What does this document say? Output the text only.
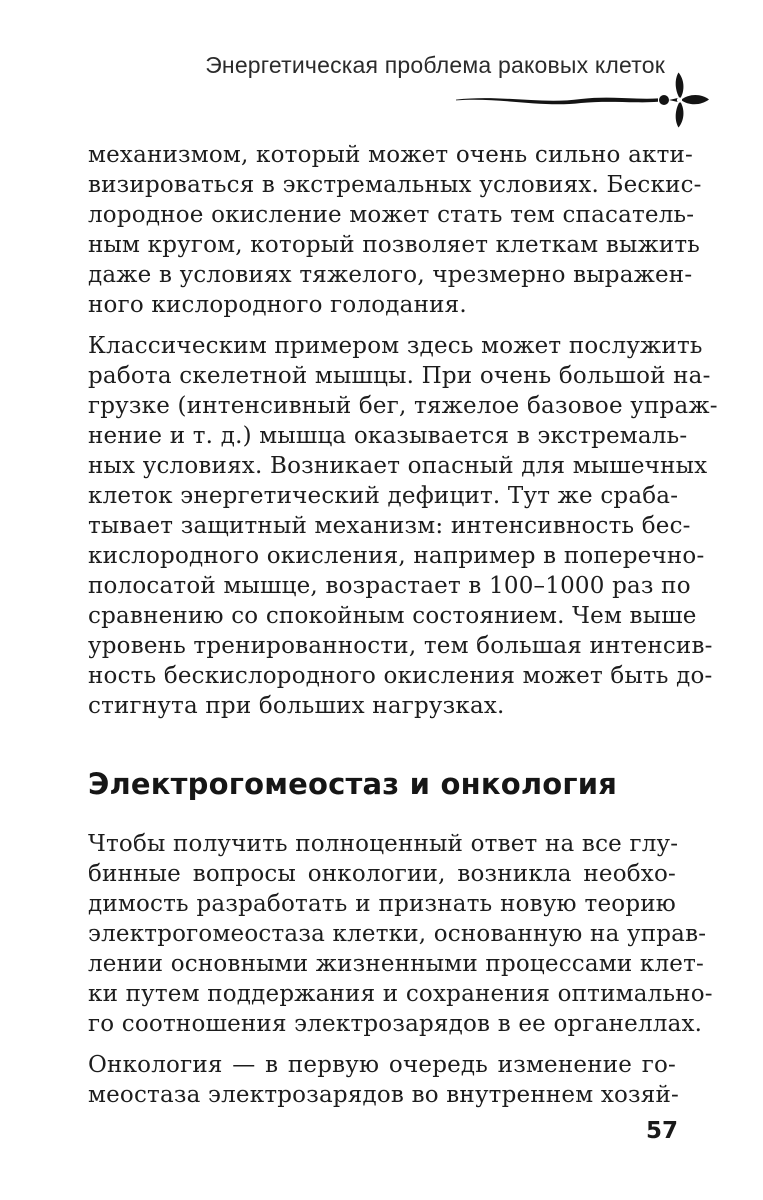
Энергетическая проблема раковых клеток

механизмом, который может очень сильно акти-
визироваться в экстремальных условиях. Бескис-
лородное окисление может стать тем спасатель-
ным кругом, который позволяет клеткам выжить
даже в условиях тяжелого, чрезмерно выражен-
ного кислородного голодания.

Классическим примером здесь может послужить
работа скелетной мышцы. При очень большой на-
грузке (интенсивный бег, тяжелое базовое упраж-
нение и т. д.) мышца оказывается в экстремаль-
ных условиях. Возникает опасный для мышечных
клеток энергетический дефицит. Тут же сраба-
тывает защитный механизм: интенсивность бес-
кислородного окисления, например в поперечно-
полосатой мышце, возрастает в 100–1000 раз по
сравнению со спокойным состоянием. Чем выше
уровень тренированности, тем большая интенсив-
ность бескислородного окисления может быть до-
стигнута при больших нагрузках.

Электрогомеостаз и онкология

Чтобы получить полноценный ответ на все глу-
бинные вопросы онкологии, возникла необхо-
димость разработать и признать новую теорию
электрогомеостаза клетки, основанную на управ-
лении основными жизненными процессами клет-
ки путем поддержания и сохранения оптимально-
го соотношения электрозарядов в ее органеллах.

Онкология — в первую очередь изменение го-
меостаза электрозарядов во внутреннем хозяй-

57
